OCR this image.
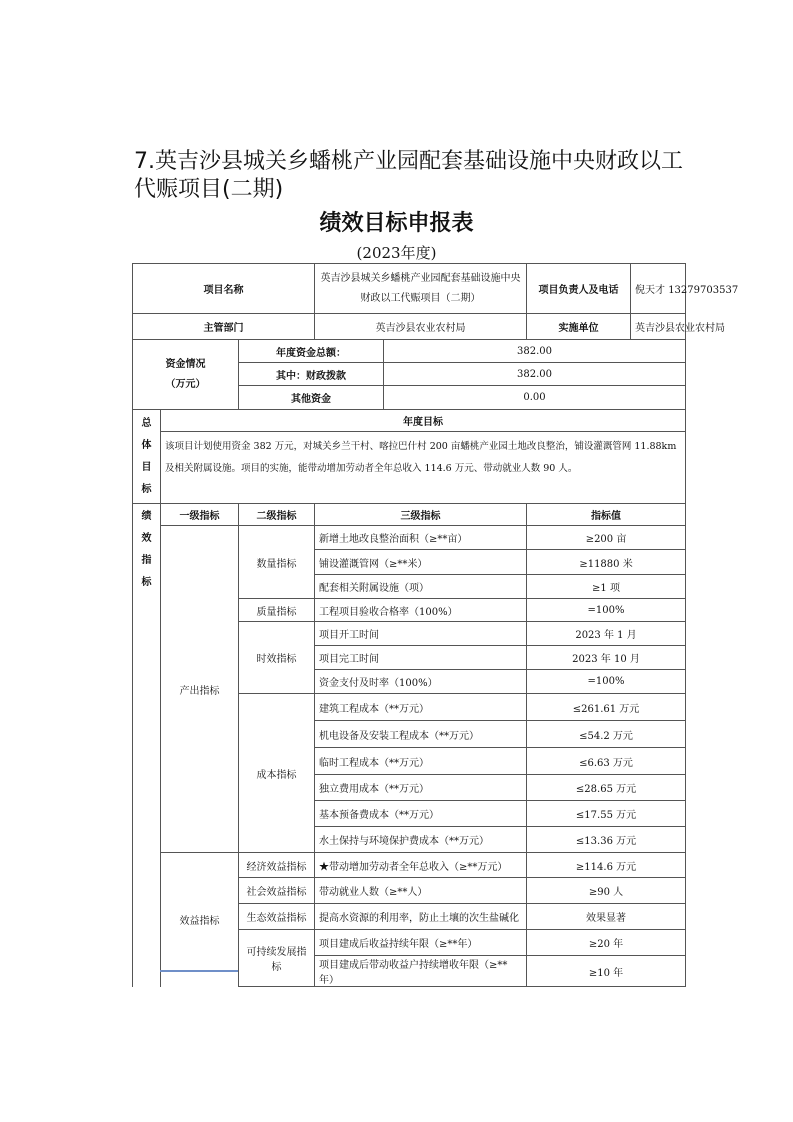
7.英吉沙县城关乡蟠桃产业园配套基础设施中央财政以工代赈项目(二期)
绩效目标申报表
(2023年度)
项目名称			英吉沙县城关乡蟠桃产业园配套基础设施中央财政以工代赈项目（二期）		项目负责人及电话	倪天才 13279703537
主管部门			英吉沙县农业农村局		实施单位	英吉沙县农业农村局

资金情况
（万元）		年度资金总额：		382.00		
		其中：财政拨款		382.00		
		其他资金		0.00		

总
体
目
标	年度目标					
	该项目计划使用资金 382 万元，对城关乡兰干村、喀拉巴什村 200 亩蟠桃产业园土地改良整治，铺设灌溉管网 11.88km 及相关附属设施。项目的实施，能带动增加劳动者全年总收入 114.6 万元、带动就业人数 90 人。					

绩
效
指
标	一级指标	二级指标	三级指标		指标值	
	产出指标	数量指标	新增土地改良整治面积（≥**亩）		≥200 亩	
			铺设灌溉管网（≥**米）		≥11880 米	
			配套相关附属设施（项）		≥1 项	
		质量指标	工程项目验收合格率（100%）		=100%	
		时效指标	项目开工时间		2023 年 1 月	
			项目完工时间		2023 年 10 月	
			资金支付及时率（100%）		=100%	
		成本指标	建筑工程成本（**万元）		≤261.61 万元	
			机电设备及安装工程成本（**万元）		≤54.2 万元	
			临时工程成本（**万元）		≤6.63 万元	
			独立费用成本（**万元）		≤28.65 万元	
			基本预备费成本（**万元）		≤17.55 万元	
			水土保持与环境保护费成本（**万元）		≤13.36 万元	
	效益指标	经济效益指标	★带动增加劳动者全年总收入（≥**万元）		≥114.6 万元	
		社会效益指标	带动就业人数（≥**人）		≥90 人	
		生态效益指标	提高水资源的利用率，防止土壤的次生盐碱化		效果显著	
		可持续发展指标	项目建成后收益持续年限（≥**年）		≥20 年	
			项目建成后带动收益户持续增收年限（≥**年）		≥10 年	
